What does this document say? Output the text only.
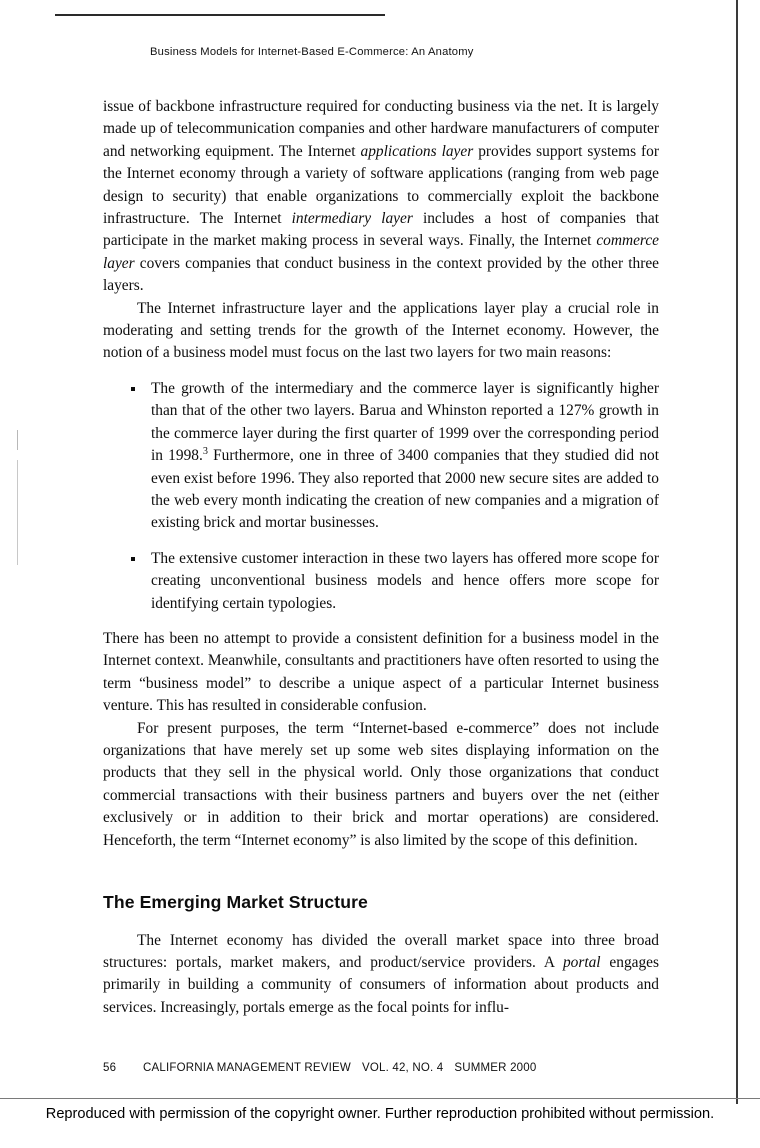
Business Models for Internet-Based E-Commerce: An Anatomy

issue of backbone infrastructure required for conducting business via the net. It is largely made up of telecommunication companies and other hardware manufacturers of computer and networking equipment. The Internet applications layer provides support systems for the Internet economy through a variety of software applications (ranging from web page design to security) that enable organizations to commercially exploit the backbone infrastructure. The Internet intermediary layer includes a host of companies that participate in the market making process in several ways. Finally, the Internet commerce layer covers companies that conduct business in the context provided by the other three layers.

The Internet infrastructure layer and the applications layer play a crucial role in moderating and setting trends for the growth of the Internet economy. However, the notion of a business model must focus on the last two layers for two main reasons:

The growth of the intermediary and the commerce layer is significantly higher than that of the other two layers. Barua and Whinston reported a 127% growth in the commerce layer during the first quarter of 1999 over the corresponding period in 1998.$^3$ Furthermore, one in three of 3400 companies that they studied did not even exist before 1996. They also reported that 2000 new secure sites are added to the web every month indicating the creation of new companies and a migration of existing brick and mortar businesses.
The extensive customer interaction in these two layers has offered more scope for creating unconventional business models and hence offers more scope for identifying certain typologies.

There has been no attempt to provide a consistent definition for a business model in the Internet context. Meanwhile, consultants and practitioners have often resorted to using the term “business model” to describe a unique aspect of a particular Internet business venture. This has resulted in considerable confusion.

For present purposes, the term “Internet-based e-commerce” does not include organizations that have merely set up some web sites displaying information on the products that they sell in the physical world. Only those organizations that conduct commercial transactions with their business partners and buyers over the net (either exclusively or in addition to their brick and mortar operations) are considered. Henceforth, the term “Internet economy” is also limited by the scope of this definition.

The Emerging Market Structure

The Internet economy has divided the overall market space into three broad structures: portals, market makers, and product/service providers. A portal engages primarily in building a community of consumers of information about products and services. Increasingly, portals emerge as the focal points for influ-

56 CALIFORNIA MANAGEMENT REVIEW VOL. 42, NO. 4 SUMMER 2000
Reproduced with permission of the copyright owner. Further reproduction prohibited without permission.
